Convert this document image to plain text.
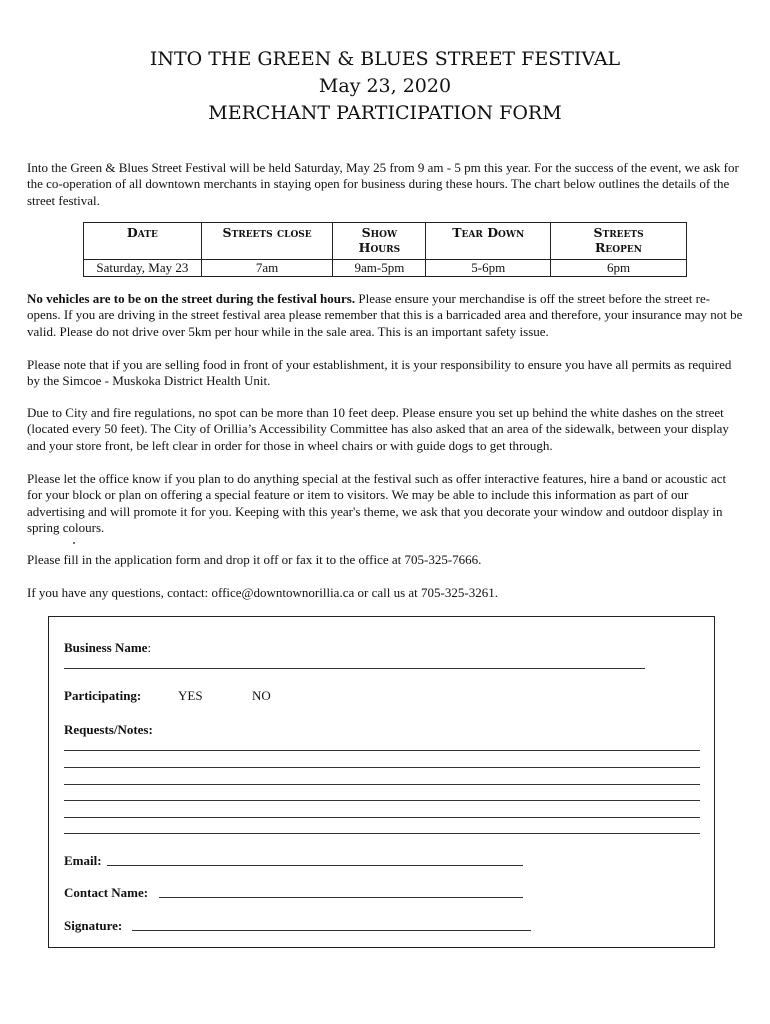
INTO THE GREEN & BLUES STREET FESTIVAL
May 23, 2020
MERCHANT PARTICIPATION FORM
Into the Green & Blues Street Festival will be held Saturday, May 25 from 9 am - 5 pm this year. For the success of the event, we ask for the co-operation of all downtown merchants in staying open for business during these hours. The chart below outlines the details of the street festival.
Date	Streets close	Show Hours	Tear Down	Streets Reopen
Saturday, May 23	7am	9am-5pm	5-6pm	6pm
No vehicles are to be on the street during the festival hours. Please ensure your merchandise is off the street before the street re-opens. If you are driving in the street festival area please remember that this is a barricaded area and therefore, your insurance may not be valid. Please do not drive over 5km per hour while in the sale area. This is an important safety issue.
Please note that if you are selling food in front of your establishment, it is your responsibility to ensure you have all permits as required by the Simcoe - Muskoka District Health Unit.
Due to City and fire regulations, no spot can be more than 10 feet deep. Please ensure you set up behind the white dashes on the street (located every 50 feet). The City of Orillia’s Accessibility Committee has also asked that an area of the sidewalk, between your display and your store front, be left clear in order for those in wheel chairs or with guide dogs to get through.
Please let the office know if you plan to do anything special at the festival such as offer interactive features, hire a band or acoustic act for your block or plan on offering a special feature or item to visitors. We may be able to include this information as part of our advertising and will promote it for you. Keeping with this year's theme, we ask that you decorate your window and outdoor display in spring colours.
Please fill in the application form and drop it off or fax it to the office at 705-325-7666.
If you have any questions, contact: office@downtownorillia.ca or call us at 705-325-3261.
Business Name:
Participating:	YES	NO
Requests/Notes:
Email:
Contact Name:
Signature:
